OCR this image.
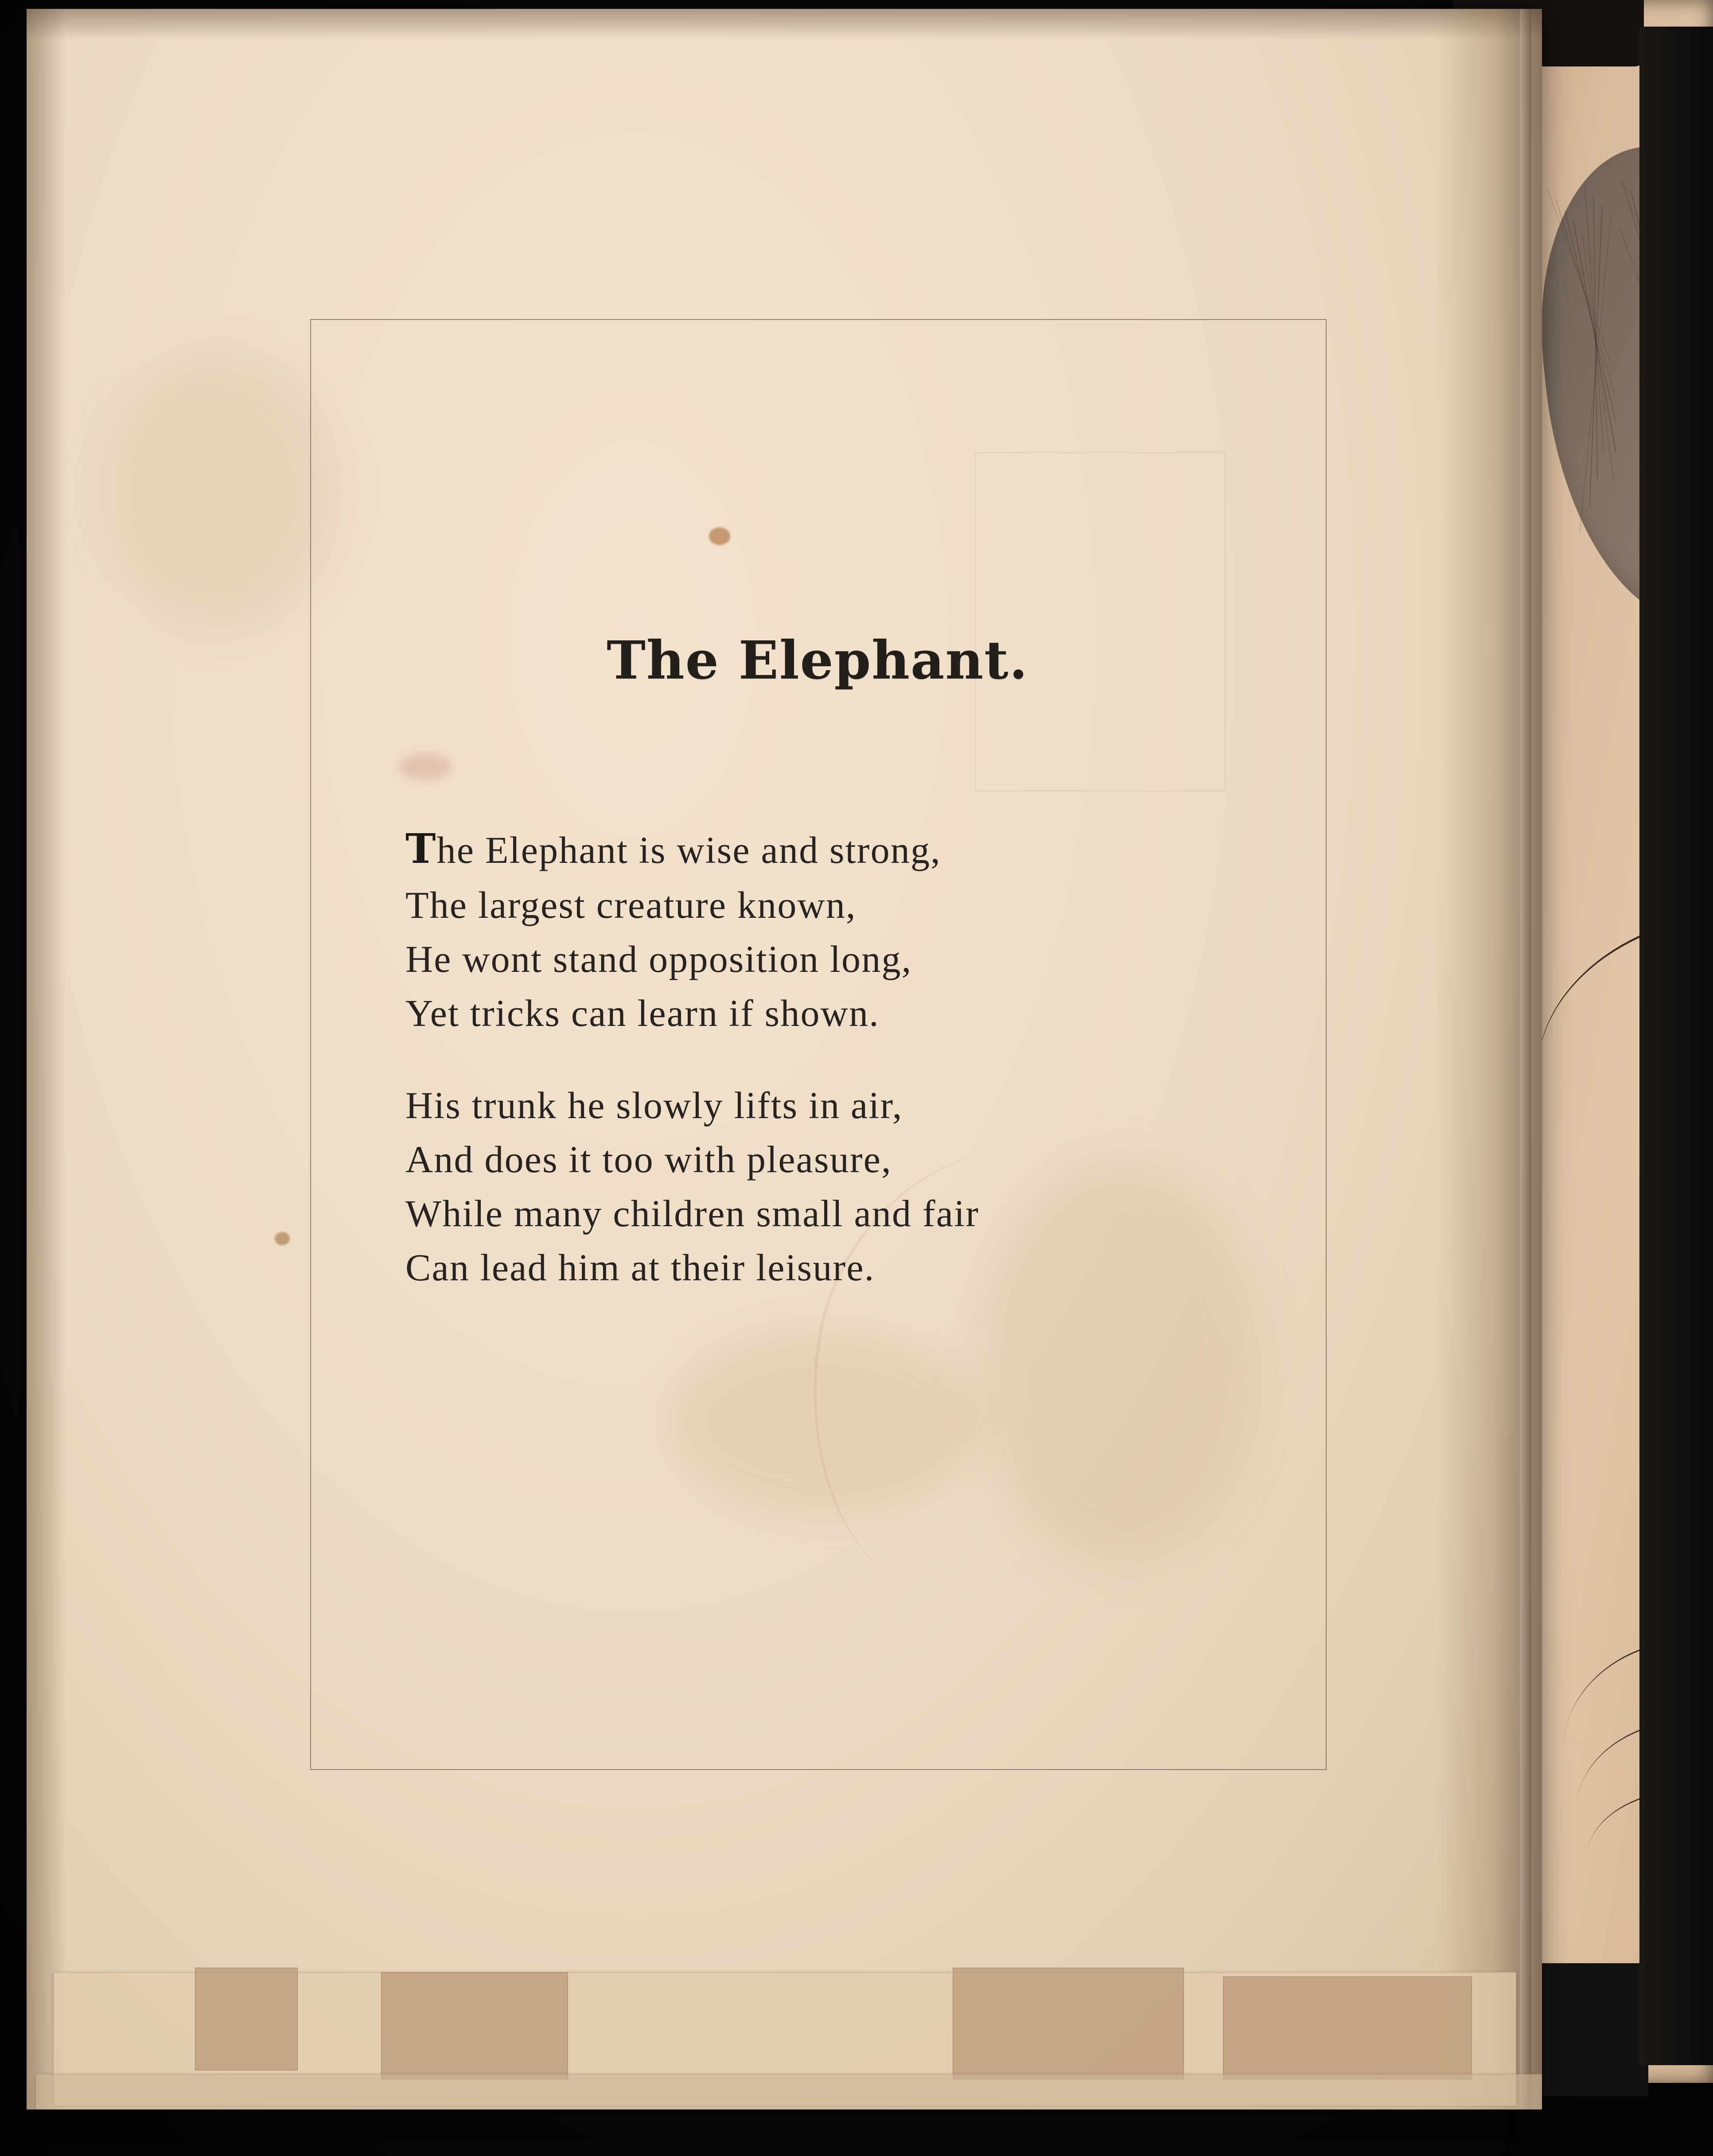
The Elephant.
The Elephant is wise and strong,
The largest creature known,
He wont stand opposition long,
Yet tricks can learn if shown.
His trunk he slowly lifts in air,
And does it too with pleasure,
While many children small and fair
Can lead him at their leisure.
